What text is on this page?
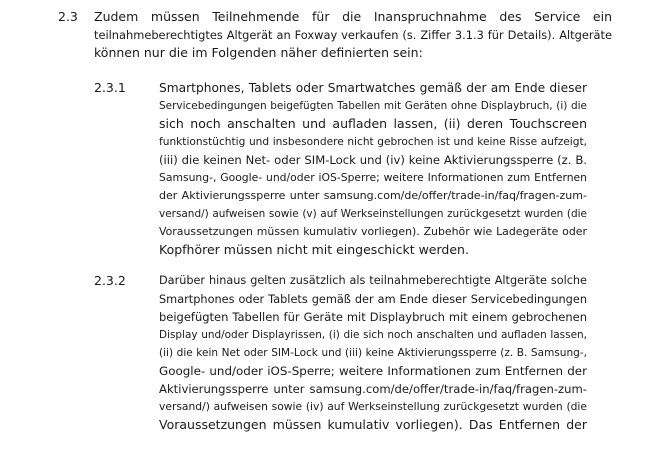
2.3 Zudem müssen Teilnehmende für die Inanspruchnahme des Service ein
teilnahmeberechtigtes Altgerät an Foxway verkaufen (s. Ziffer 3.1.3 für Details). Altgeräte
können nur die im Folgenden näher definierten sein:
2.3.1	Smartphones, Tablets oder Smartwatches gemäß der am Ende dieser
Servicebedingungen beigefügten Tabellen mit Geräten ohne Displaybruch, (i) die
sich noch anschalten und aufladen lassen, (ii) deren Touchscreen
funktionstüchtig und insbesondere nicht gebrochen ist und keine Risse aufzeigt,
(iii) die keinen Net- oder SIM-Lock und (iv) keine Aktivierungssperre (z. B.
Samsung-, Google- und/oder iOS-Sperre; weitere Informationen zum Entfernen
der Aktivierungssperre unter samsung.com/de/offer/trade-in/faq/fragen-zum-
versand/) aufweisen sowie (v) auf Werkseinstellungen zurückgesetzt wurden (die
Voraussetzungen müssen kumulativ vorliegen). Zubehör wie Ladegeräte oder
Kopfhörer müssen nicht mit eingeschickt werden.
2.3.2	Darüber hinaus gelten zusätzlich als teilnahmeberechtigte Altgeräte solche
Smartphones oder Tablets gemäß der am Ende dieser Servicebedingungen
beigefügten Tabellen für Geräte mit Displaybruch mit einem gebrochenen
Display und/oder Displayrissen, (i) die sich noch anschalten und aufladen lassen,
(ii) die kein Net oder SIM-Lock und (iii) keine Aktivierungssperre (z. B. Samsung-,
Google- und/oder iOS-Sperre; weitere Informationen zum Entfernen der
Aktivierungssperre unter samsung.com/de/offer/trade-in/faq/fragen-zum-
versand/) aufweisen sowie (iv) auf Werkseinstellung zurückgesetzt wurden (die
Voraussetzungen müssen kumulativ vorliegen). Das Entfernen der
